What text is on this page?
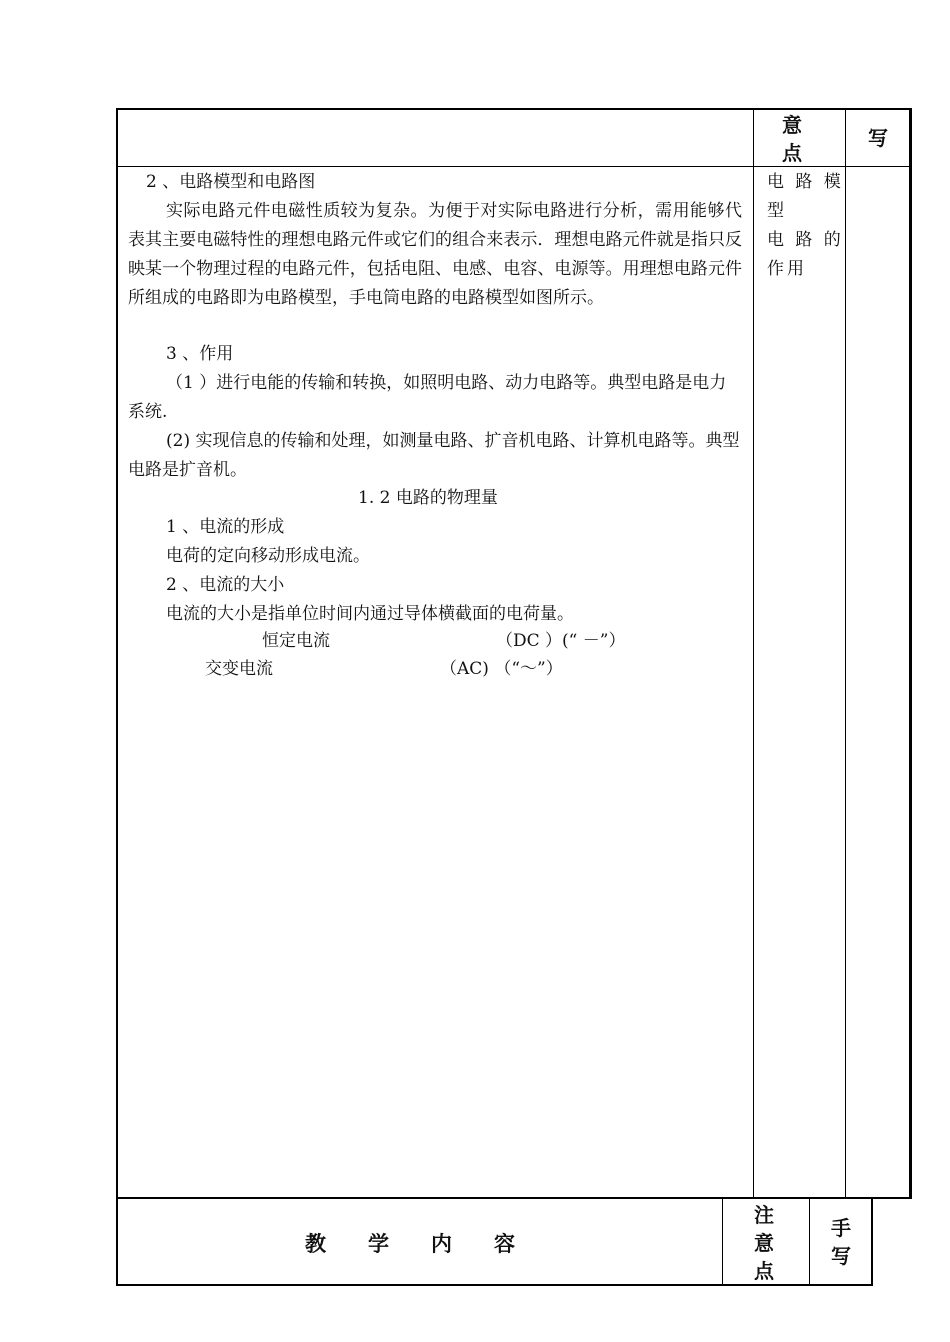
意
点
写
电 路 模
型
电 路 的
作用
2 、电路模型和电路图
实际电路元件电磁性质较为复杂。为便于对实际电路进行分析，需用能够代表其主要电磁特性的理想电路元件或它们的组合来表示．理想电路元件就是指只反映某一个物理过程的电路元件，包括电阻、电感、电容、电源等。用理想电路元件所组成的电路即为电路模型，手电筒电路的电路模型如图所示。
3 、作用
（1 ）进行电能的传输和转换，如照明电路、动力电路等。典型电路是电力系统.
(2) 实现信息的传输和处理，如测量电路、扩音机电路、计算机电路等。典型电路是扩音机。
1. 2 电路的物理量
1 、电流的形成
电荷的定向移动形成电流。
2 、电流的大小
电流的大小是指单位时间内通过导体横截面的电荷量。
恒定电流	（DC ）(“ －”）
交变电流	（AC) （“～”）
教　　学　　内　　容
注
意
点
手
写
